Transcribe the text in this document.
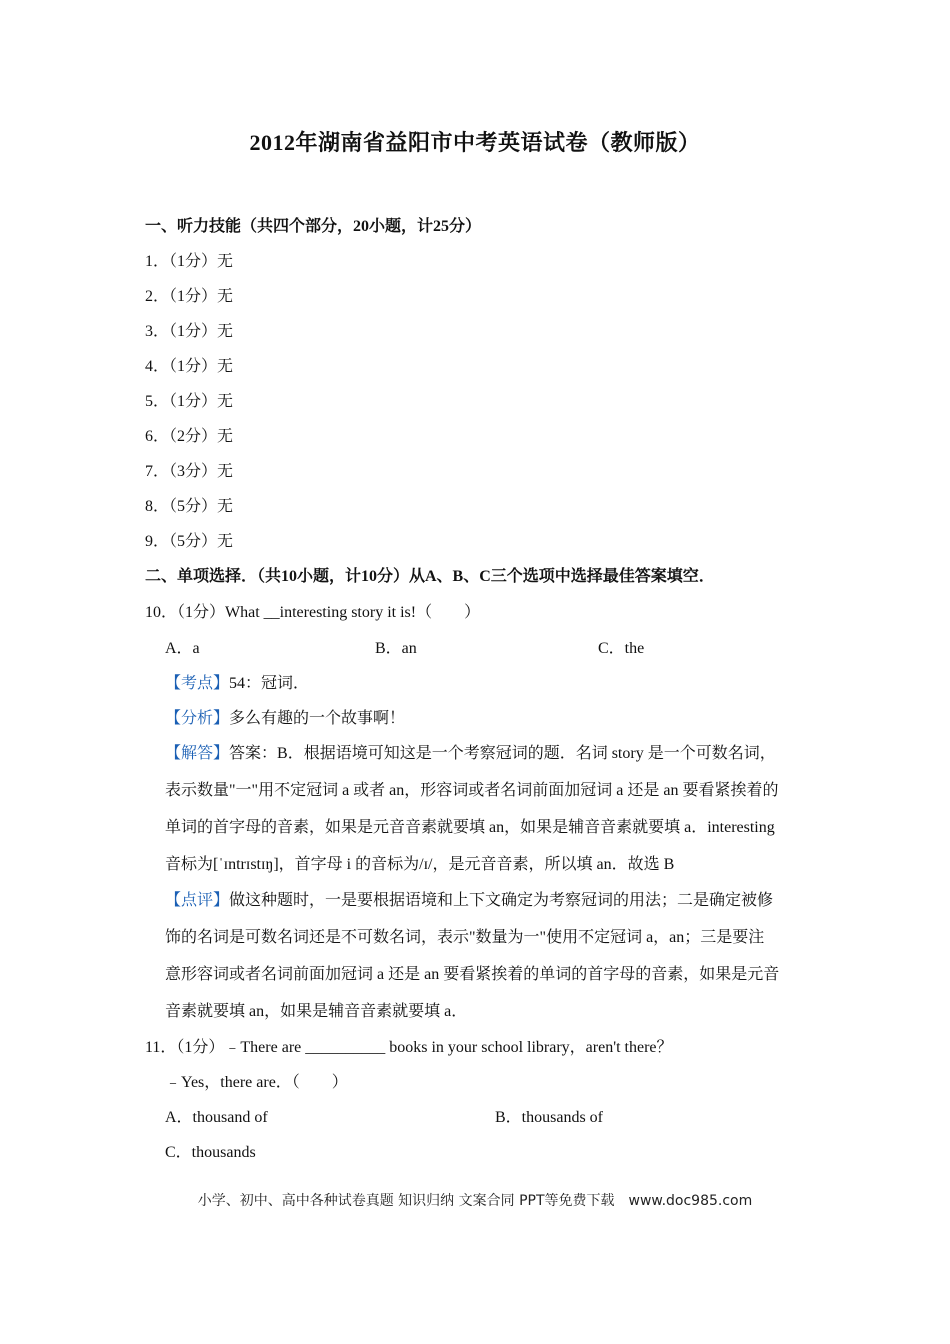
2012年湖南省益阳市中考英语试卷（教师版）
一、听力技能（共四个部分，20小题，计25分）
1．（1分）无
2．（1分）无
3．（1分）无
4．（1分）无
5．（1分）无
6．（2分）无
7．（3分）无
8．（5分）无
9．（5分）无
二、单项选择．（共10小题，计10分）从A、B、C三个选项中选择最佳答案填空．
10．（1分）What __interesting story it is!（　　）
A．a	B．an	C．the
【考点】54：冠词．
【分析】多么有趣的一个故事啊！
【解答】答案：B．根据语境可知这是一个考察冠词的题．名词 story 是一个可数名词，
表示数量"一"用不定冠词 a 或者 an，形容词或者名词前面加冠词 a 还是 an 要看紧挨着的
单词的首字母的音素，如果是元音音素就要填 an，如果是辅音音素就要填 a．interesting
音标为[ˈɪntrɪstɪŋ]，首字母 i 的音标为/ɪ/，是元音音素，所以填 an．故选 B
【点评】做这种题时，一是要根据语境和上下文确定为考察冠词的用法；二是确定被修
饰的名词是可数名词还是不可数名词，表示"数量为一"使用不定冠词 a，an；三是要注
意形容词或者名词前面加冠词 a 还是 an 要看紧挨着的单词的首字母的音素，如果是元音
音素就要填 an，如果是辅音音素就要填 a．
11．（1分）﹣There are __________ books in your school library，aren't there？
﹣Yes，there are．（　　）
A．thousand of	B．thousands of
C．thousands
小学、初中、高中各种试卷真题 知识归纳 文案合同 PPT等免费下载　www.doc985.com
